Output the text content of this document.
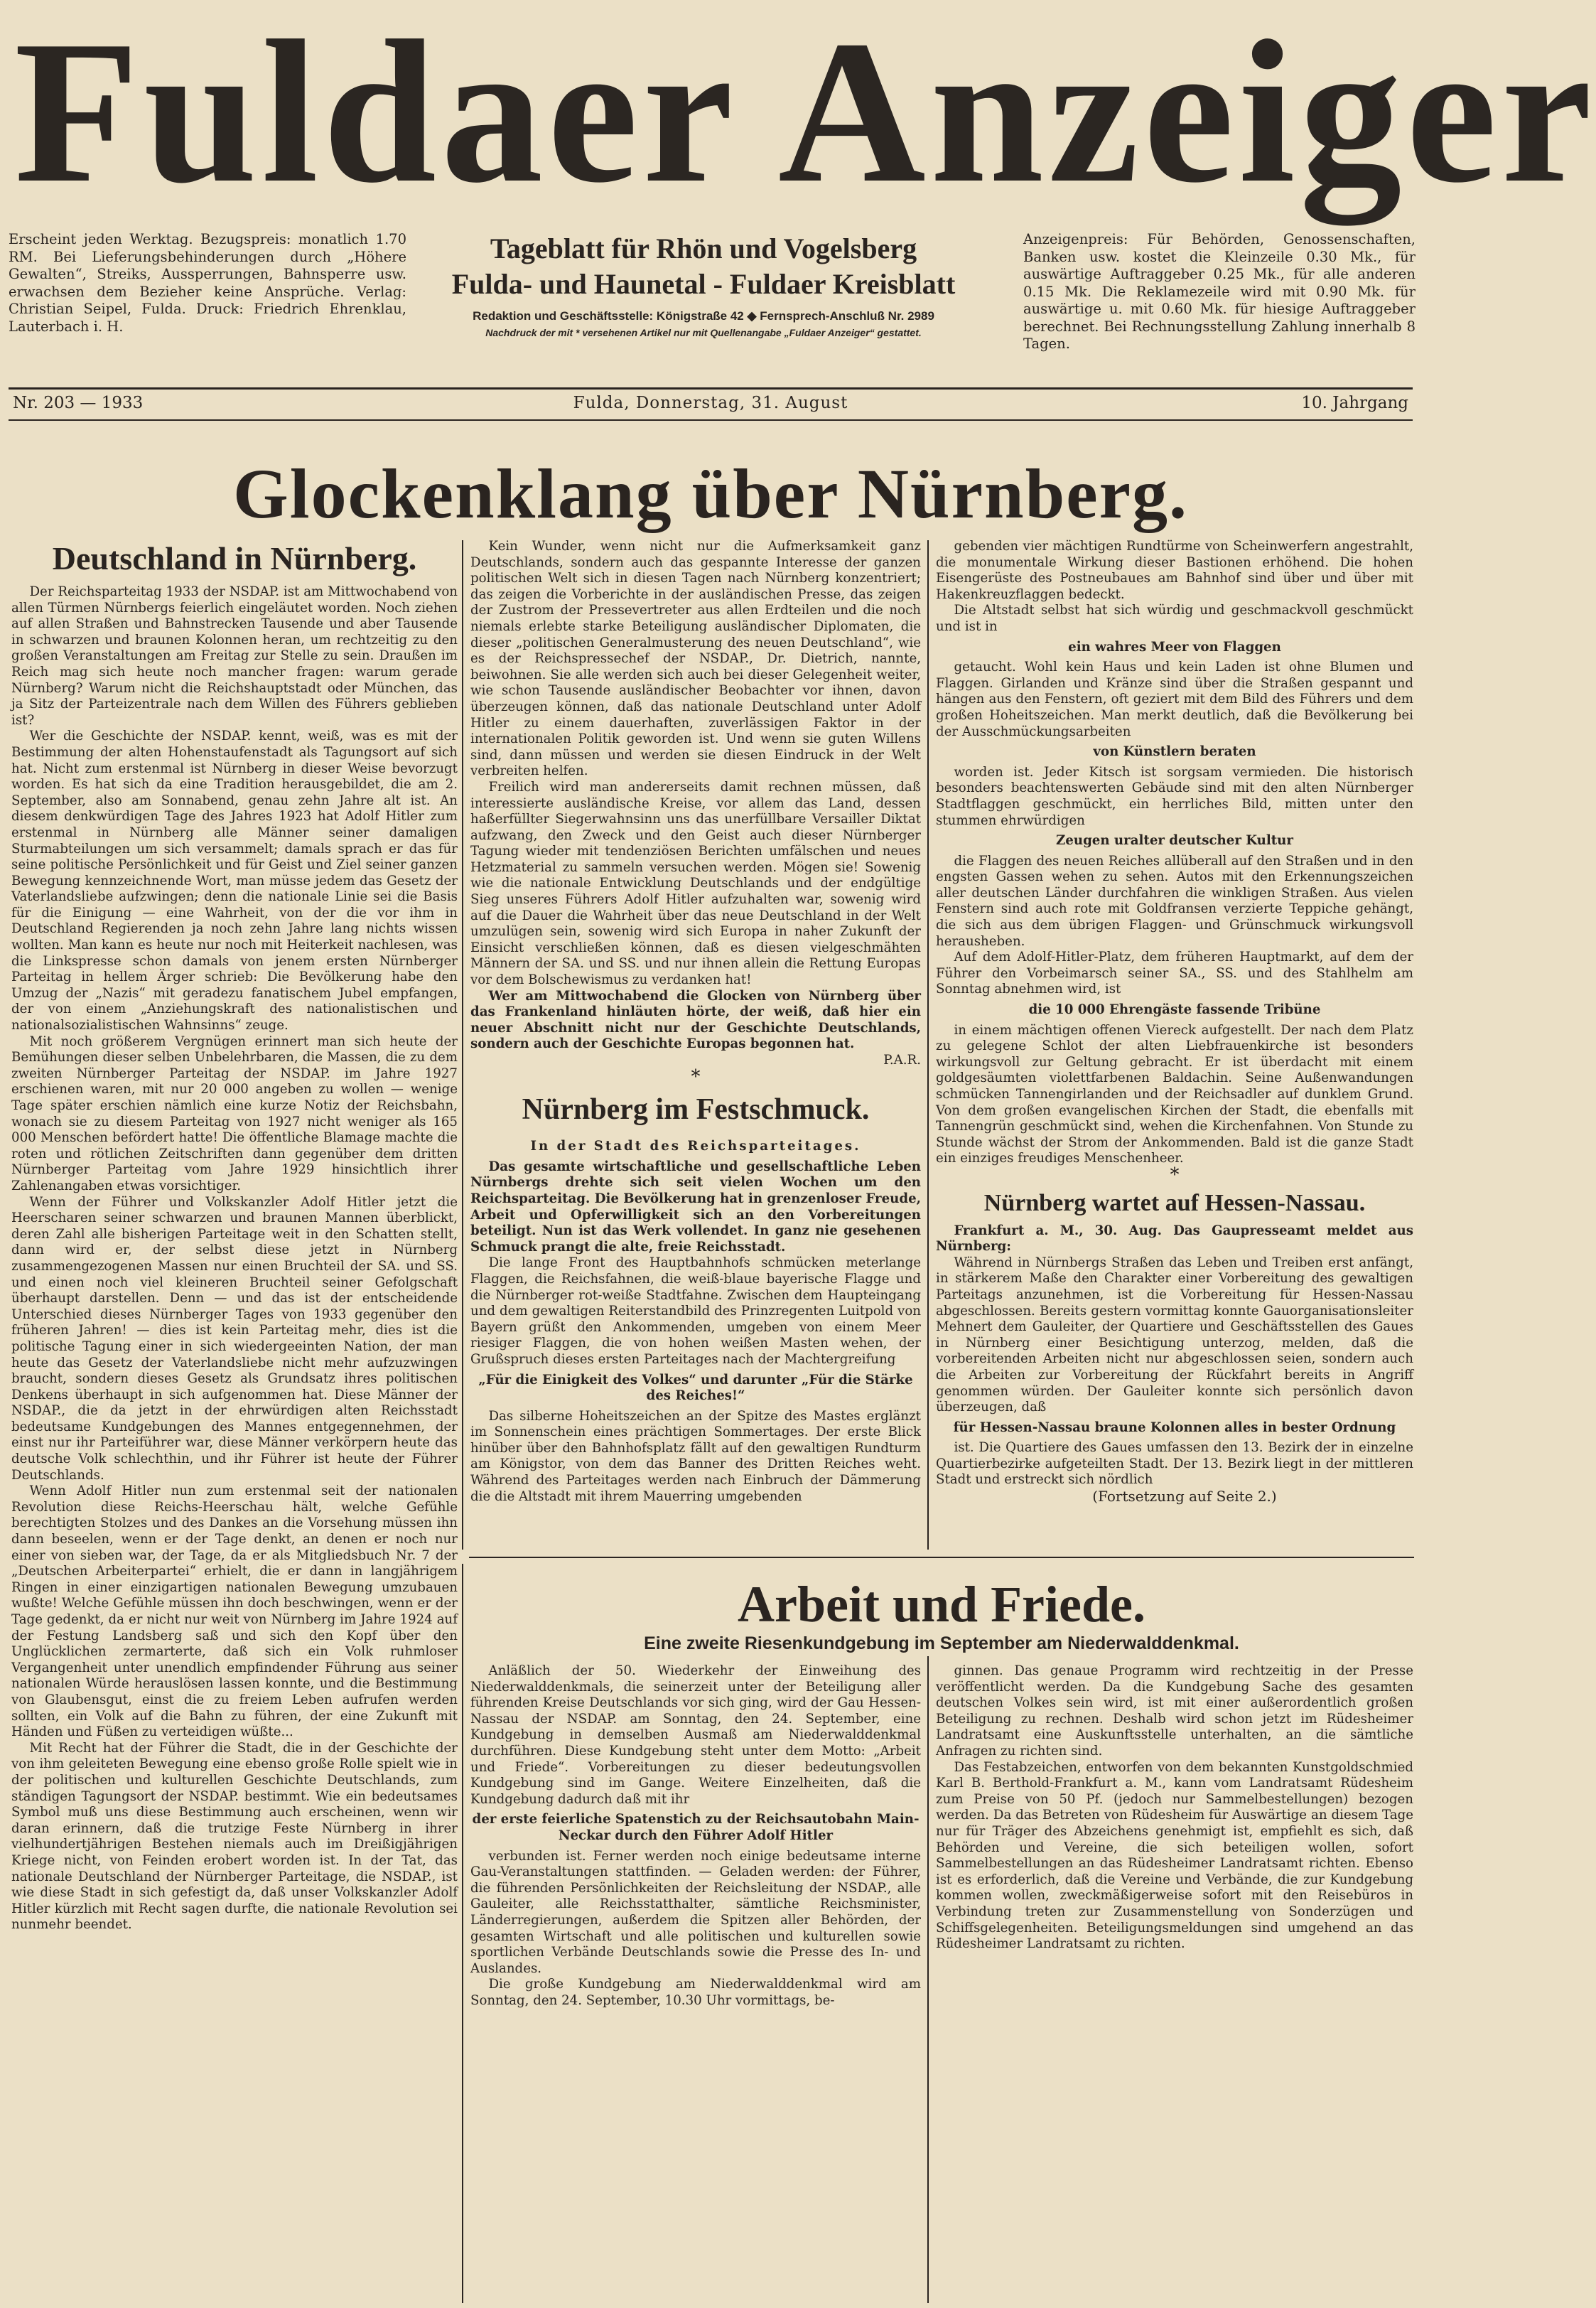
Fuldaer Anzeiger
Erscheint jeden Werktag. Bezugspreis: monatlich 1.70 RM. Bei Lieferungsbehinderungen durch „Höhere Gewalten“, Streiks, Aussperrungen, Bahnsperre usw. erwachsen dem Bezieher keine Ansprüche. Verlag: Christian Seipel, Fulda. Druck: Friedrich Ehrenklau, Lauterbach i. H.
Tageblatt für Rhön und Vogelsberg
Fulda- und Haunetal - Fuldaer Kreisblatt
Redaktion und Geschäftsstelle: Königstraße 42 ◆ Fernsprech-Anschluß Nr. 2989
Nachdruck der mit * versehenen Artikel nur mit Quellenangabe „Fuldaer Anzeiger“ gestattet.
Anzeigenpreis: Für Behörden, Genossenschaften, Banken usw. kostet die Kleinzeile 0.30 Mk., für auswärtige Auftraggeber 0.25 Mk., für alle anderen 0.15 Mk. Die Reklamezeile wird mit 0.90 Mk. für auswärtige u. mit 0.60 Mk. für hiesige Auftraggeber berechnet. Bei Rechnungsstellung Zahlung innerhalb 8 Tagen.
Nr. 203 — 1933	Fulda, Donnerstag, 31. August	10. Jahrgang
Glockenklang über Nürnberg.
Deutschland in Nürnberg.

Der Reichsparteitag 1933 der NSDAP. ist am Mittwochabend von allen Türmen Nürnbergs feierlich eingeläutet worden. Noch ziehen auf allen Straßen und Bahnstrecken Tausende und aber Tausende in schwarzen und braunen Kolonnen heran, um rechtzeitig zu den großen Veranstaltungen am Freitag zur Stelle zu sein. Draußen im Reich mag sich heute noch mancher fragen: warum gerade Nürnberg? Warum nicht die Reichshauptstadt oder München, das ja Sitz der Parteizentrale nach dem Willen des Führers geblieben ist?

Wer die Geschichte der NSDAP. kennt, weiß, was es mit der Bestimmung der alten Hohenstaufenstadt als Tagungsort auf sich hat. Nicht zum erstenmal ist Nürnberg in dieser Weise bevorzugt worden. Es hat sich da eine Tradition herausgebildet, die am 2. September, also am Sonnabend, genau zehn Jahre alt ist. An diesem denkwürdigen Tage des Jahres 1923 hat Adolf Hitler zum erstenmal in Nürnberg alle Männer seiner damaligen Sturmabteilungen um sich versammelt; damals sprach er das für seine politische Persönlichkeit und für Geist und Ziel seiner ganzen Bewegung kennzeichnende Wort, man müsse jedem das Gesetz der Vaterlandsliebe aufzwingen; denn die nationale Linie sei die Basis für die Einigung — eine Wahrheit, von der die vor ihm in Deutschland Regierenden ja noch zehn Jahre lang nichts wissen wollten. Man kann es heute nur noch mit Heiterkeit nachlesen, was die Linkspresse schon damals von jenem ersten Nürnberger Parteitag in hellem Ärger schrieb: Die Bevölkerung habe den Umzug der „Nazis“ mit geradezu fanatischem Jubel empfangen, der von einem „Anziehungskraft des nationalistischen und nationalsozialistischen Wahnsinns“ zeuge.

Mit noch größerem Vergnügen erinnert man sich heute der Bemühungen dieser selben Unbelehrbaren, die Massen, die zu dem zweiten Nürnberger Parteitag der NSDAP. im Jahre 1927 erschienen waren, mit nur 20 000 angeben zu wollen — wenige Tage später erschien nämlich eine kurze Notiz der Reichsbahn, wonach sie zu diesem Parteitag von 1927 nicht weniger als 165 000 Menschen befördert hatte! Die öffentliche Blamage machte die roten und rötlichen Zeitschriften dann gegenüber dem dritten Nürnberger Parteitag vom Jahre 1929 hinsichtlich ihrer Zahlenangaben etwas vorsichtiger.

Wenn der Führer und Volkskanzler Adolf Hitler jetzt die Heerscharen seiner schwarzen und braunen Mannen überblickt, deren Zahl alle bisherigen Parteitage weit in den Schatten stellt, dann wird er, der selbst diese jetzt in Nürnberg zusammengezogenen Massen nur einen Bruchteil der SA. und SS. und einen noch viel kleineren Bruchteil seiner Gefolgschaft überhaupt darstellen. Denn — und das ist der entscheidende Unterschied dieses Nürnberger Tages von 1933 gegenüber den früheren Jahren! — dies ist kein Parteitag mehr, dies ist die politische Tagung einer in sich wiedergeeinten Nation, der man heute das Gesetz der Vaterlandsliebe nicht mehr aufzuzwingen braucht, sondern dieses Gesetz als Grundsatz ihres politischen Denkens überhaupt in sich aufgenommen hat. Diese Männer der NSDAP., die da jetzt in der ehrwürdigen alten Reichsstadt bedeutsame Kundgebungen des Mannes entgegennehmen, der einst nur ihr Parteiführer war, diese Männer verkörpern heute das deutsche Volk schlechthin, und ihr Führer ist heute der Führer Deutschlands.

Wenn Adolf Hitler nun zum erstenmal seit der nationalen Revolution diese Reichs-Heerschau hält, welche Gefühle berechtigten Stolzes und des Dankes an die Vorsehung müssen ihn dann beseelen, wenn er der Tage denkt, an denen er noch nur einer von sieben war, der Tage, da er als Mitgliedsbuch Nr. 7 der „Deutschen Arbeiterpartei“ erhielt, die er dann in langjährigem Ringen in einer einzigartigen nationalen Bewegung umzubauen wußte! Welche Gefühle müssen ihn doch beschwingen, wenn er der Tage gedenkt, da er nicht nur weit von Nürnberg im Jahre 1924 auf der Festung Landsberg saß und sich den Kopf über den Unglücklichen zermarterte, daß sich ein Volk ruhmloser Vergangenheit unter unendlich empfindender Führung aus seiner nationalen Würde herauslösen lassen konnte, und die Bestimmung von Glaubensgut, einst die zu freiem Leben aufrufen werden sollten, ein Volk auf die Bahn zu führen, der eine Zukunft mit Händen und Füßen zu verteidigen wüßte...

Mit Recht hat der Führer die Stadt, die in der Geschichte der von ihm geleiteten Bewegung eine ebenso große Rolle spielt wie in der politischen und kulturellen Geschichte Deutschlands, zum ständigen Tagungsort der NSDAP. bestimmt. Wie ein bedeutsames Symbol muß uns diese Bestimmung auch erscheinen, wenn wir daran erinnern, daß die trutzige Feste Nürnberg in ihrer vielhundertjährigen Bestehen niemals auch im Dreißigjährigen Kriege nicht, von Feinden erobert worden ist. In der Tat, das nationale Deutschland der Nürnberger Parteitage, die NSDAP., ist wie diese Stadt in sich gefestigt da, daß unser Volkskanzler Adolf Hitler kürzlich mit Recht sagen durfte, die nationale Revolution sei nunmehr beendet.

Kein Wunder, wenn nicht nur die Aufmerksamkeit ganz Deutschlands, sondern auch das gespannte Interesse der ganzen politischen Welt sich in diesen Tagen nach Nürnberg konzentriert; das zeigen die Vorberichte in der ausländischen Presse, das zeigen der Zustrom der Pressevertreter aus allen Erdteilen und die noch niemals erlebte starke Beteiligung ausländischer Diplomaten, die dieser „politischen Generalmusterung des neuen Deutschland“, wie es der Reichspressechef der NSDAP., Dr. Dietrich, nannte, beiwohnen. Sie alle werden sich auch bei dieser Gelegenheit weiter, wie schon Tausende ausländischer Beobachter vor ihnen, davon überzeugen können, daß das nationale Deutschland unter Adolf Hitler zu einem dauerhaften, zuverlässigen Faktor in der internationalen Politik geworden ist. Und wenn sie guten Willens sind, dann müssen und werden sie diesen Eindruck in der Welt verbreiten helfen.

Freilich wird man andererseits damit rechnen müssen, daß interessierte ausländische Kreise, vor allem das Land, dessen haßerfüllter Siegerwahnsinn uns das unerfüllbare Versailler Diktat aufzwang, den Zweck und den Geist auch dieser Nürnberger Tagung wieder mit tendenziösen Berichten umfälschen und neues Hetzmaterial zu sammeln versuchen werden. Mögen sie! Sowenig wie die nationale Entwicklung Deutschlands und der endgültige Sieg unseres Führers Adolf Hitler aufzuhalten war, sowenig wird auf die Dauer die Wahrheit über das neue Deutschland in der Welt umzulügen sein, sowenig wird sich Europa in naher Zukunft der Einsicht verschließen können, daß es diesen vielgeschmähten Männern der SA. und SS. und nur ihnen allein die Rettung Europas vor dem Bolschewismus zu verdanken hat!

Wer am Mittwochabend die Glocken von Nürnberg über das Frankenland hinläuten hörte, der weiß, daß hier ein neuer Abschnitt nicht nur der Geschichte Deutschlands, sondern auch der Geschichte Europas begonnen hat.

P.A.R.

*
Nürnberg im Festschmuck.

In der Stadt des Reichsparteitages.

Das gesamte wirtschaftliche und gesellschaftliche Leben Nürnbergs drehte sich seit vielen Wochen um den Reichsparteitag. Die Bevölkerung hat in grenzenloser Freude, Arbeit und Opferwilligkeit sich an den Vorbereitungen beteiligt. Nun ist das Werk vollendet. In ganz nie gesehenen Schmuck prangt die alte, freie Reichsstadt.

Die lange Front des Hauptbahnhofs schmücken meterlange Flaggen, die Reichsfahnen, die weiß-blaue bayerische Flagge und die Nürnberger rot-weiße Stadtfahne. Zwischen dem Haupteingang und dem gewaltigen Reiterstandbild des Prinzregenten Luitpold von Bayern grüßt den Ankommenden, umgeben von einem Meer riesiger Flaggen, die von hohen weißen Masten wehen, der Grußspruch dieses ersten Parteitages nach der Machtergreifung

„Für die Einigkeit des Volkes“ und darunter „Für die Stärke des Reiches!“

Das silberne Hoheitszeichen an der Spitze des Mastes erglänzt im Sonnenschein eines prächtigen Sommertages. Der erste Blick hinüber über den Bahnhofsplatz fällt auf den gewaltigen Rundturm am Königstor, von dem das Banner des Dritten Reiches weht. Während des Parteitages werden nach Einbruch der Dämmerung die die Altstadt mit ihrem Mauerring umgebenden

gebenden vier mächtigen Rundtürme von Scheinwerfern angestrahlt, die monumentale Wirkung dieser Bastionen erhöhend. Die hohen Eisengerüste des Postneubaues am Bahnhof sind über und über mit Hakenkreuzflaggen bedeckt.

Die Altstadt selbst hat sich würdig und geschmackvoll geschmückt und ist in

ein wahres Meer von Flaggen

getaucht. Wohl kein Haus und kein Laden ist ohne Blumen und Flaggen. Girlanden und Kränze sind über die Straßen gespannt und hängen aus den Fenstern, oft geziert mit dem Bild des Führers und dem großen Hoheitszeichen. Man merkt deutlich, daß die Bevölkerung bei der Ausschmückungsarbeiten

von Künstlern beraten

worden ist. Jeder Kitsch ist sorgsam vermieden. Die historisch besonders beachtenswerten Gebäude sind mit den alten Nürnberger Stadtflaggen geschmückt, ein herrliches Bild, mitten unter den stummen ehrwürdigen

Zeugen uralter deutscher Kultur

die Flaggen des neuen Reiches allüberall auf den Straßen und in den engsten Gassen wehen zu sehen. Autos mit den Erkennungszeichen aller deutschen Länder durchfahren die winkligen Straßen. Aus vielen Fenstern sind auch rote mit Goldfransen verzierte Teppiche gehängt, die sich aus dem übrigen Flaggen- und Grünschmuck wirkungsvoll herausheben.

Auf dem Adolf-Hitler-Platz, dem früheren Hauptmarkt, auf dem der Führer den Vorbeimarsch seiner SA., SS. und des Stahlhelm am Sonntag abnehmen wird, ist

die 10 000 Ehrengäste fassende Tribüne

in einem mächtigen offenen Viereck aufgestellt. Der nach dem Platz zu gelegene Schlot der alten Liebfrauenkirche ist besonders wirkungsvoll zur Geltung gebracht. Er ist überdacht mit einem goldgesäumten violettfarbenen Baldachin. Seine Außenwandungen schmücken Tannengirlanden und der Reichsadler auf dunklem Grund. Von dem großen evangelischen Kirchen der Stadt, die ebenfalls mit Tannengrün geschmückt sind, wehen die Kirchenfahnen. Von Stunde zu Stunde wächst der Strom der Ankommenden. Bald ist die ganze Stadt ein einziges freudiges Menschenheer.

*
Nürnberg wartet auf Hessen-Nassau.

Frankfurt a. M., 30. Aug. Das Gaupresseamt meldet aus Nürnberg:

Während in Nürnbergs Straßen das Leben und Treiben erst anfängt, in stärkerem Maße den Charakter einer Vorbereitung des gewaltigen Parteitags anzunehmen, ist die Vorbereitung für Hessen-Nassau abgeschlossen. Bereits gestern vormittag konnte Gauorganisationsleiter Mehnert dem Gauleiter, der Quartiere und Geschäftsstellen des Gaues in Nürnberg einer Besichtigung unterzog, melden, daß die vorbereitenden Arbeiten nicht nur abgeschlossen seien, sondern auch die Arbeiten zur Vorbereitung der Rückfahrt bereits in Angriff genommen würden. Der Gauleiter konnte sich persönlich davon überzeugen, daß

für Hessen-Nassau braune Kolonnen alles in bester Ordnung

ist. Die Quartiere des Gaues umfassen den 13. Bezirk der in einzelne Quartierbezirke aufgeteilten Stadt. Der 13. Bezirk liegt in der mittleren Stadt und erstreckt sich nördlich

(Fortsetzung auf Seite 2.)

Arbeit und Friede.
Eine zweite Riesenkundgebung im September am Niederwalddenkmal.

Anläßlich der 50. Wiederkehr der Einweihung des Niederwalddenkmals, die seinerzeit unter der Beteiligung aller führenden Kreise Deutschlands vor sich ging, wird der Gau Hessen-Nassau der NSDAP. am Sonntag, den 24. September, eine Kundgebung in demselben Ausmaß am Niederwalddenkmal durchführen. Diese Kundgebung steht unter dem Motto: „Arbeit und Friede“. Vorbereitungen zu dieser bedeutungsvollen Kundgebung sind im Gange. Weitere Einzelheiten, daß die Kundgebung dadurch daß mit ihr

der erste feierliche Spatenstich zu der Reichsautobahn Main-Neckar durch den Führer Adolf Hitler

verbunden ist. Ferner werden noch einige bedeutsame interne Gau-Veranstaltungen stattfinden. — Geladen werden: der Führer, die führenden Persönlichkeiten der Reichsleitung der NSDAP., alle Gauleiter, alle Reichsstatthalter, sämtliche Reichsminister, Länderregierungen, außerdem die Spitzen aller Behörden, der gesamten Wirtschaft und alle politischen und kulturellen sowie sportlichen Verbände Deutschlands sowie die Presse des In- und Auslandes.

Die große Kundgebung am Niederwalddenkmal wird am Sonntag, den 24. September, 10.30 Uhr vormittags, be-

ginnen. Das genaue Programm wird rechtzeitig in der Presse veröffentlicht werden. Da die Kundgebung Sache des gesamten deutschen Volkes sein wird, ist mit einer außerordentlich großen Beteiligung zu rechnen. Deshalb wird schon jetzt im Rüdesheimer Landratsamt eine Auskunftsstelle unterhalten, an die sämtliche Anfragen zu richten sind.

Das Festabzeichen, entworfen von dem bekannten Kunstgoldschmied Karl B. Berthold-Frankfurt a. M., kann vom Landratsamt Rüdesheim zum Preise von 50 Pf. (jedoch nur Sammelbestellungen) bezogen werden. Da das Betreten von Rüdesheim für Auswärtige an diesem Tage nur für Träger des Abzeichens genehmigt ist, empfiehlt es sich, daß Behörden und Vereine, die sich beteiligen wollen, sofort Sammelbestellungen an das Rüdesheimer Landratsamt richten. Ebenso ist es erforderlich, daß die Vereine und Verbände, die zur Kundgebung kommen wollen, zweckmäßigerweise sofort mit den Reisebüros in Verbindung treten zur Zusammenstellung von Sonderzügen und Schiffsgelegenheiten. Beteiligungsmeldungen sind umgehend an das Rüdesheimer Landratsamt zu richten.
